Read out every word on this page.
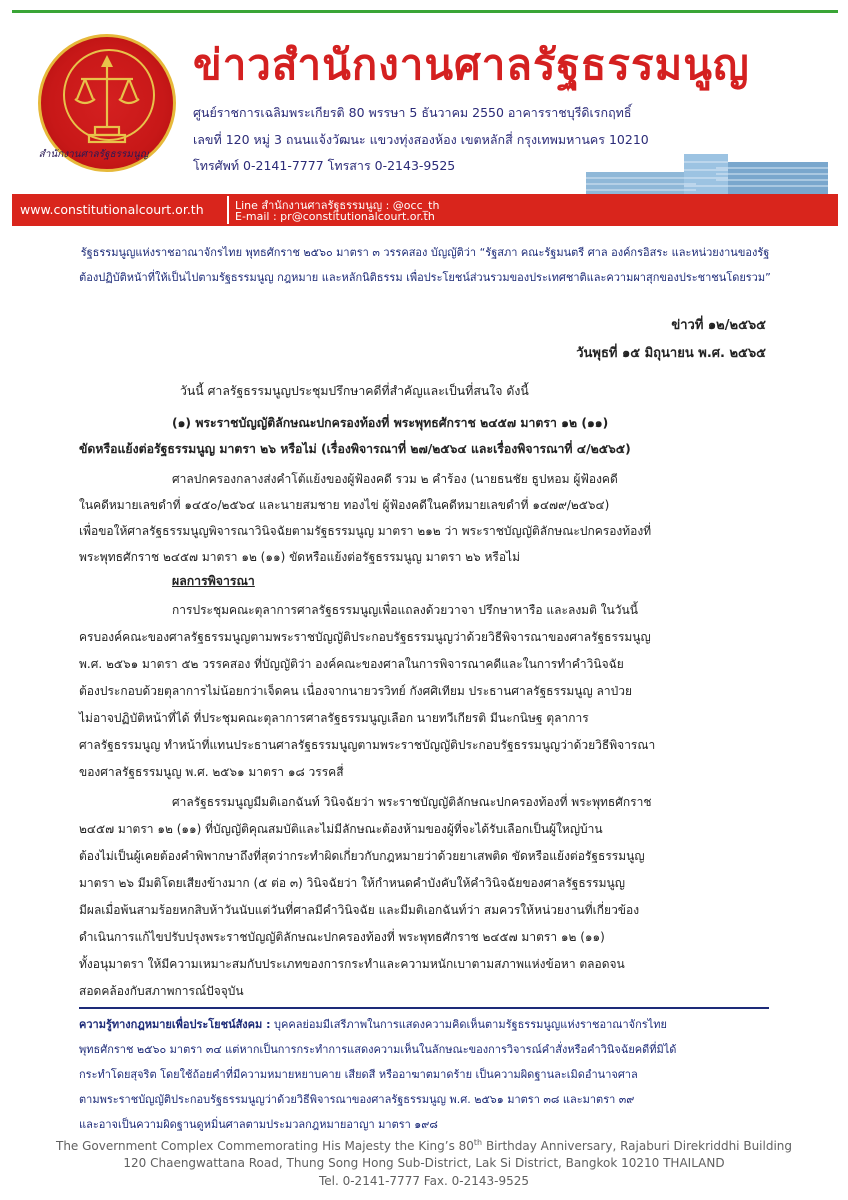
สำนักงานศาลรัฐธรรมนูญ
ข่าวสำนักงานศาลรัฐธรรมนูญ
ศูนย์ราชการเฉลิมพระเกียรติ 80 พรรษา 5 ธันวาคม 2550 อาคารราชบุรีดิเรกฤทธิ์
เลขที่ 120 หมู่ 3 ถนนแจ้งวัฒนะ แขวงทุ่งสองห้อง เขตหลักสี่ กรุงเทพมหานคร 10210
โทรศัพท์ 0-2141-7777 โทรสาร 0-2143-9525
www.constitutionalcourt.or.th	Line สำนักงานศาลรัฐธรรมนูญ : @occ_th
E-mail : pr@constitutionalcourt.or.th
รัฐธรรมนูญแห่งราชอาณาจักรไทย พุทธศักราช ๒๕๖๐ มาตรา ๓ วรรคสอง บัญญัติว่า “รัฐสภา คณะรัฐมนตรี ศาล องค์กรอิสระ และหน่วยงานของรัฐ
ต้องปฏิบัติหน้าที่ให้เป็นไปตามรัฐธรรมนูญ กฎหมาย และหลักนิติธรรม เพื่อประโยชน์ส่วนรวมของประเทศชาติและความผาสุกของประชาชนโดยรวม”
ข่าวที่ ๑๒/๒๕๖๕
วันพุธที่ ๑๕ มิถุนายน พ.ศ. ๒๕๖๕
วันนี้ ศาลรัฐธรรมนูญประชุมปรึกษาคดีที่สำคัญและเป็นที่สนใจ ดังนี้
(๑) พระราชบัญญัติลักษณะปกครองท้องที่ พระพุทธศักราช ๒๔๕๗ มาตรา ๑๒ (๑๑)
ขัดหรือแย้งต่อรัฐธรรมนูญ มาตรา ๒๖ หรือไม่ (เรื่องพิจารณาที่ ๒๗/๒๕๖๔ และเรื่องพิจารณาที่ ๔/๒๕๖๕)
ศาลปกครองกลางส่งคำโต้แย้งของผู้ฟ้องคดี รวม ๒ คำร้อง (นายธนชัย ธูปหอม ผู้ฟ้องคดี
ในคดีหมายเลขดำที่ ๑๔๕๐/๒๕๖๔ และนายสมชาย ทองไข่ ผู้ฟ้องคดีในคดีหมายเลขดำที่ ๑๔๗๙/๒๕๖๔)
เพื่อขอให้ศาลรัฐธรรมนูญพิจารณาวินิจฉัยตามรัฐธรรมนูญ มาตรา ๒๑๒ ว่า พระราชบัญญัติลักษณะปกครองท้องที่
พระพุทธศักราช ๒๔๕๗ มาตรา ๑๒ (๑๑) ขัดหรือแย้งต่อรัฐธรรมนูญ มาตรา ๒๖ หรือไม่
ผลการพิจารณา
การประชุมคณะตุลาการศาลรัฐธรรมนูญเพื่อแถลงด้วยวาจา ปรึกษาหารือ และลงมติ ในวันนี้
ครบองค์คณะของศาลรัฐธรรมนูญตามพระราชบัญญัติประกอบรัฐธรรมนูญว่าด้วยวิธีพิจารณาของศาลรัฐธรรมนูญ
พ.ศ. ๒๕๖๑ มาตรา ๕๒ วรรคสอง ที่บัญญัติว่า องค์คณะของศาลในการพิจารณาคดีและในการทำคำวินิจฉัย
ต้องประกอบด้วยตุลาการไม่น้อยกว่าเจ็ดคน เนื่องจากนายวรวิทย์ กังศศิเทียม ประธานศาลรัฐธรรมนูญ ลาป่วย
ไม่อาจปฏิบัติหน้าที่ได้ ที่ประชุมคณะตุลาการศาลรัฐธรรมนูญเลือก นายทวีเกียรติ มีนะกนิษฐ ตุลาการ
ศาลรัฐธรรมนูญ ทำหน้าที่แทนประธานศาลรัฐธรรมนูญตามพระราชบัญญัติประกอบรัฐธรรมนูญว่าด้วยวิธีพิจารณา
ของศาลรัฐธรรมนูญ พ.ศ. ๒๕๖๑ มาตรา ๑๘ วรรคสี่
ศาลรัฐธรรมนูญมีมติเอกฉันท์ วินิจฉัยว่า พระราชบัญญัติลักษณะปกครองท้องที่ พระพุทธศักราช
๒๔๕๗ มาตรา ๑๒ (๑๑) ที่บัญญัติคุณสมบัติและไม่มีลักษณะต้องห้ามของผู้ที่จะได้รับเลือกเป็นผู้ใหญ่บ้าน
ต้องไม่เป็นผู้เคยต้องคำพิพากษาถึงที่สุดว่ากระทำผิดเกี่ยวกับกฎหมายว่าด้วยยาเสพติด ขัดหรือแย้งต่อรัฐธรรมนูญ
มาตรา ๒๖ มีมติโดยเสียงข้างมาก (๕ ต่อ ๓) วินิจฉัยว่า ให้กำหนดคำบังคับให้คำวินิจฉัยของศาลรัฐธรรมนูญ
มีผลเมื่อพ้นสามร้อยหกสิบห้าวันนับแต่วันที่ศาลมีคำวินิจฉัย และมีมติเอกฉันท์ว่า สมควรให้หน่วยงานที่เกี่ยวข้อง
ดำเนินการแก้ไขปรับปรุงพระราชบัญญัติลักษณะปกครองท้องที่ พระพุทธศักราช ๒๔๕๗ มาตรา ๑๒ (๑๑)
ทั้งอนุมาตรา ให้มีความเหมาะสมกับประเภทของการกระทำและความหนักเบาตามสภาพแห่งข้อหา ตลอดจน
สอดคล้องกับสภาพการณ์ปัจจุบัน
ความรู้ทางกฎหมายเพื่อประโยชน์สังคม : บุคคลย่อมมีเสรีภาพในการแสดงความคิดเห็นตามรัฐธรรมนูญแห่งราชอาณาจักรไทย
พุทธศักราช ๒๕๖๐ มาตรา ๓๔ แต่หากเป็นการกระทำการแสดงความเห็นในลักษณะของการวิจารณ์คำสั่งหรือคำวินิจฉัยคดีที่มิได้
กระทำโดยสุจริต โดยใช้ถ้อยคำที่มีความหมายหยาบคาย เสียดสี หรืออาฆาตมาดร้าย เป็นความผิดฐานละเมิดอำนาจศาล
ตามพระราชบัญญัติประกอบรัฐธรรมนูญว่าด้วยวิธีพิจารณาของศาลรัฐธรรมนูญ พ.ศ. ๒๕๖๑ มาตรา ๓๘ และมาตรา ๓๙
และอาจเป็นความผิดฐานดูหมิ่นศาลตามประมวลกฎหมายอาญา มาตรา ๑๙๘
The Government Complex Commemorating His Majesty the King’s 80th Birthday Anniversary, Rajaburi Direkriddhi Building
120 Chaengwattana Road, Thung Song Hong Sub-District, Lak Si District, Bangkok 10210 THAILAND
Tel. 0-2141-7777 Fax. 0-2143-9525
